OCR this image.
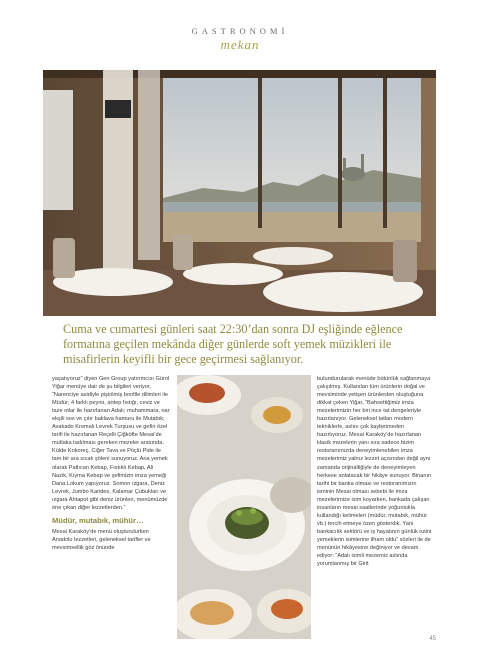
GASTRONOMİ
mekan
Cuma ve cumartesi günleri saat 22:30’dan sonra DJ eşliğinde eğlence formatına geçilen mekânda diğer günlerde soft yemek müzikleri ile misafirlerin keyifli bir gece geçirmesi sağlanıyor.

yaşatıyoruz” diyen Gen Group yatırımcısı Gürol Yiğar menüye dair de şu bilgileri veriyor, “Narenciye asidiyle pişirilmiş bonfile dilimleri ile Müdür; 4 farklı peynir, antep fıstığı, ceviz ve taze otlar ile hazırlanan Adalı; muhammara, nar ekşili sos ve çıtır baklava hamuru ile Mutabık; Avakado Kremalı Levrek Turşusu ve gefin özel tarifi ile hazırlanan Reçelli Çiğköfte Mesai’de mutlaka tadılması gereken mezeler arasında. Külde Kokoreç, Ciğer Tava ve Pöçlü Pide ile tam bir ara sıcak şöleni sunuyoruz. Ana yemek olarak Patlıcan Kebap, Fıstıklı Kebap, Ali Nazik, Kıyma Kebap ve şefimizin imza yemeği Dana Lokum yapıyoruz. Somon ızgara, Deniz Levrek, Jumbo Karides, Kalamar Çubukları ve ızgara Ahtapot gibi deniz ürünleri, menümüzde öne çıkan diğer lezzetlerden.”

Müdür, mutabık, mühür…

Mesai Karaköy’de menü oluşturulurken Anadolu lezzetleri, geleneksel tarifler ve mevsimsellik göz önünde

bulundurularak menüde bütünlük sağlanmaya çalışılmış. Kullanılan tüm ürünlerin doğal ve mevsiminde yetişen ürünlerden oluştuğuna dikkat çeken Yiğar, “Bahsettiğimiz imza mezelerimizin her biri ince tat dengeleriyle hazırlanıyor. Geleneksel tatları modern tekniklerle, aslını çok kaybetmeden hazırlıyoruz. Mesai Karaköy’de hazırlanan klasik mezelerin yanı sıra sadece bizim restoranımızda deneyimlenebilen imza mezelerimiz yalnız lezzet açısından değil aynı zamanda orijinalliğiyle de deneyimleyen herkese anlatacak bir hikâye sunuyor. Binanın tarihi bir banka olması ve restoranımızın isminin Mesai olması sebebi ile imza mezelerimize isim koyarken, bankada çalışan insanların mesai saatlerinde yoğunlukla kullandığı kelimeleri (müdür, mutabık, mühür vb.) tercih etmeye özen gösterdik. Yani bankacılık sektörü ve iş hayatının günlük rutini yemeklerin isimlerine ilham oldu” sözleri ile de menünün hikâyesine değiniyor ve devam ediyor: “Adalı isimli mezemiz aslında yorumlanmış bir Girit

45
